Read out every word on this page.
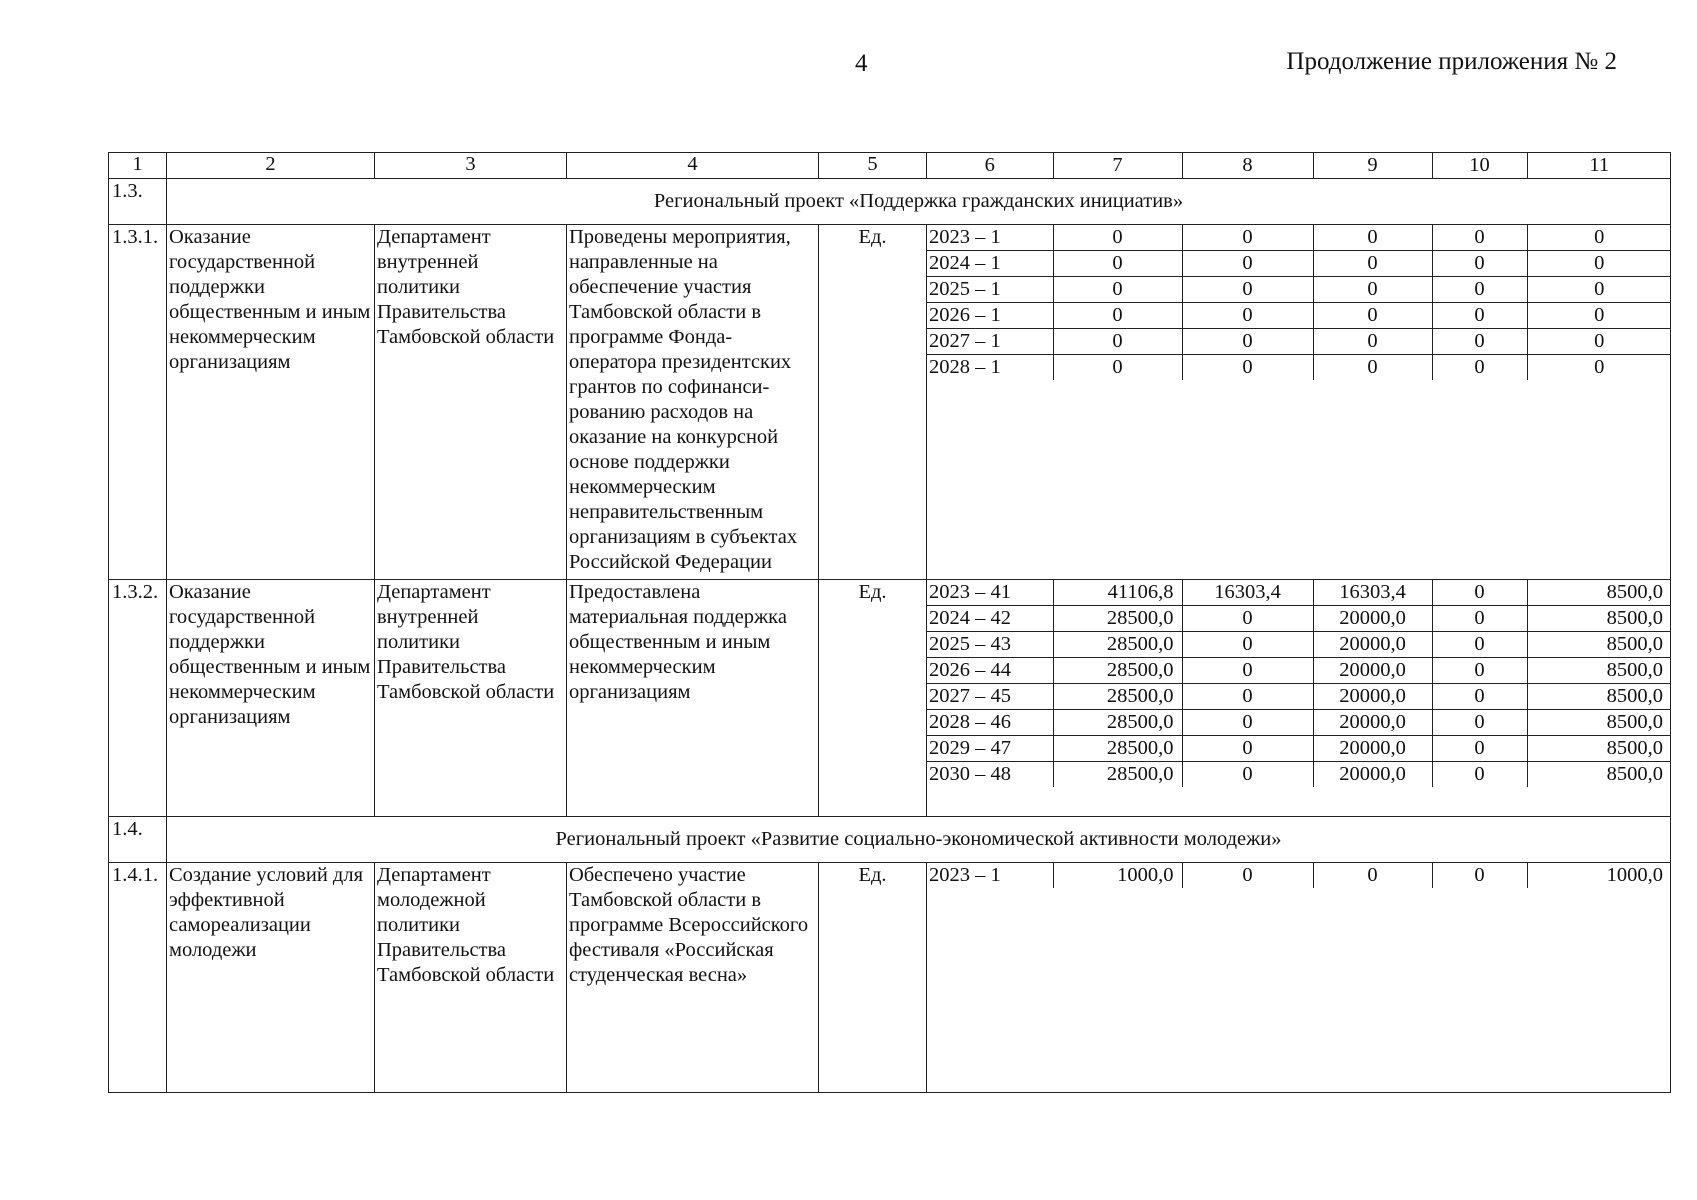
4	Продолжение приложения № 2
1	2	3	4	5		6	7	8	9	10	11

1.3.	Региональный проект «Поддержка гражданских инициатив»
1.3.1.	Оказание государственной поддержки общественным и иным некоммерческим организациям	Департамент внутренней политики Правительства Тамбовской области	Проведены мероприятия, направленные на обеспечение участия Тамбовской области в программе Фонда-оператора президентских грантов по софинанси-рованию расходов на оказание на конкурсной основе поддержки некоммерческим неправительственным организациям в субъектах Российской Федерации	Ед.	2023 – 1	0	0	0	0	0
2024 – 1	0	0	0	0	0
2025 – 1	0	0	0	0	0
2026 – 1	0	0	0	0	0
2027 – 1	0	0	0	0	0
2028 – 1	0	0	0	0	0

1.3.2.	Оказание государственной поддержки общественным и иным некоммерческим организациям	Департамент внутренней политики Правительства Тамбовской области	Предоставлена материальная поддержка общественным и иным некоммерческим организациям	Ед.	2023 – 41	41106,8	16303,4	16303,4	0	8500,0
2024 – 42	28500,0	0	20000,0	0	8500,0
2025 – 43	28500,0	0	20000,0	0	8500,0
2026 – 44	28500,0	0	20000,0	0	8500,0
2027 – 45	28500,0	0	20000,0	0	8500,0
2028 – 46	28500,0	0	20000,0	0	8500,0
2029 – 47	28500,0	0	20000,0	0	8500,0
2030 – 48	28500,0	0	20000,0	0	8500,0

1.4.	Региональный проект «Развитие социально-экономической активности молодежи»
1.4.1.	Создание условий для эффективной самореализации молодежи	Департамент молодежной политики Правительства Тамбовской области	Обеспечено участие Тамбовской области в программе Всероссийского фестиваля «Российская студенческая весна»	Ед.	2023 – 1	1000,0	0	0	0	1000,0
